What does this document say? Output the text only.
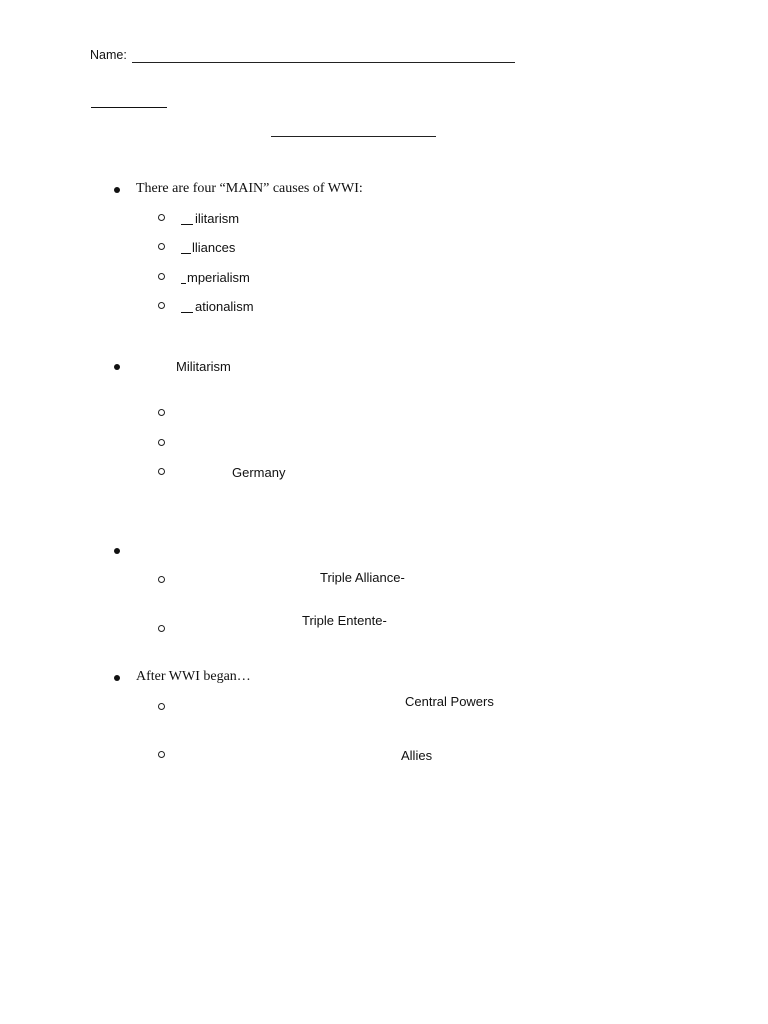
Name:
There are four “MAIN” causes of WWI:
ilitarism
lliances
mperialism
ationalism
Militarism
Germany
Triple Alliance-
Triple Entente-
After WWI began…
Central Powers
Allies
